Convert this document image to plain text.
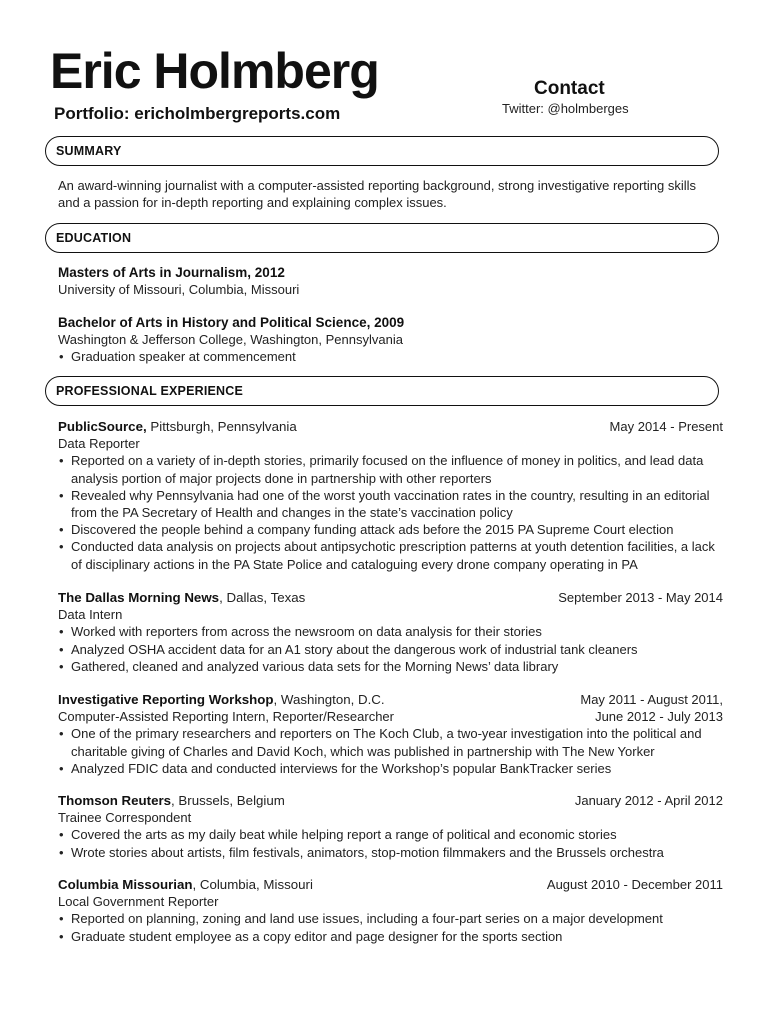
Eric Holmberg
Portfolio: ericholmbergreports.com
Contact
Twitter: @holmberges
SUMMARY
An award-winning journalist with a computer-assisted reporting background, strong investigative reporting skills and a passion for in-depth reporting and explaining complex issues.
EDUCATION
Masters of Arts in Journalism, 2012
University of Missouri, Columbia, Missouri
Bachelor of Arts in History and Political Science, 2009
Washington & Jefferson College, Washington, Pennsylvania
• Graduation speaker at commencement
PROFESSIONAL EXPERIENCE
PublicSource, Pittsburgh, Pennsylvania	May 2014 - Present
Data Reporter
• Reported on a variety of in-depth stories, primarily focused on the influence of money in politics, and lead data analysis portion of major projects done in partnership with other reporters
• Revealed why Pennsylvania had one of the worst youth vaccination rates in the country, resulting in an editorial from the PA Secretary of Health and changes in the state’s vaccination policy
• Discovered the people behind a company funding attack ads before the 2015 PA Supreme Court election
• Conducted data analysis on projects about antipsychotic prescription patterns at youth detention facilities, a lack of disciplinary actions in the PA State Police and cataloguing every drone company operating in PA
The Dallas Morning News, Dallas, Texas	September 2013 - May 2014
Data Intern
• Worked with reporters from across the newsroom on data analysis for their stories
• Analyzed OSHA accident data for an A1 story about the dangerous work of industrial tank cleaners
• Gathered, cleaned and analyzed various data sets for the Morning News’ data library
Investigative Reporting Workshop, Washington, D.C.	May 2011 - August 2011,
Computer-Assisted Reporting Intern, Reporter/Researcher	June 2012 - July 2013
• One of the primary researchers and reporters on The Koch Club, a two-year investigation into the political and charitable giving of Charles and David Koch, which was published in partnership with The New Yorker
• Analyzed FDIC data and conducted interviews for the Workshop’s popular BankTracker series
Thomson Reuters, Brussels, Belgium	January 2012 - April 2012
Trainee Correspondent
• Covered the arts as my daily beat while helping report a range of political and economic stories
• Wrote stories about artists, film festivals, animators, stop-motion filmmakers and the Brussels orchestra
Columbia Missourian, Columbia, Missouri	August 2010 - December 2011
Local Government Reporter
• Reported on planning, zoning and land use issues, including a four-part series on a major development
• Graduate student employee as a copy editor and page designer for the sports section
